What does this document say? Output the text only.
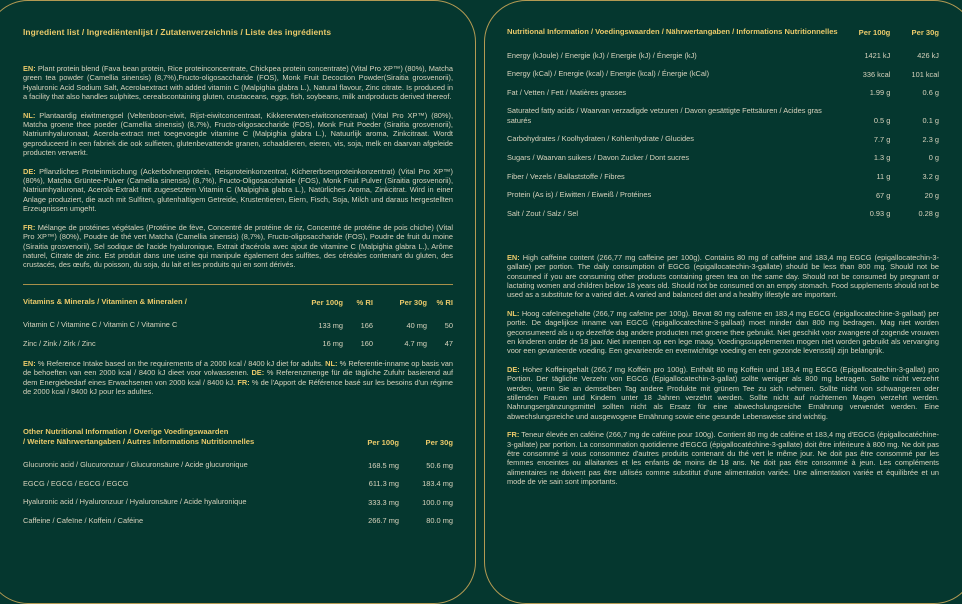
Ingredient list / Ingrediëntenlijst / Zutatenverzeichnis / Liste des ingrédients

EN: Plant protein blend (Fava bean protein, Rice proteinconcentrate, Chickpea protein concentrate) (Vital Pro XP™) (80%), Matcha green tea powder (Camellia sinensis) (8,7%),Fructo-oligosaccharide (FOS), Monk Fruit Decoction Powder(Siraitia grosvenorii), Hyaluronic Acid Sodium Salt, Acerolaextract with added vitamin C (Malpighia glabra L.), Natural flavour, Zinc citrate. Is produced in a facility that also handles sulphites, cerealscontaining gluten, crustaceans, eggs, fish, soybeans, milk andproducts derived thereof.

NL: Plantaardig eiwitmengsel (Veltenboon-eiwit, Rijst-eiwitconcentraat, Kikkererwten-eiwitconcentraat) (Vital Pro XP™) (80%), Matcha groene thee poeder (Camellia sinensis) (8,7%), Fructo-oligosaccharide (FOS), Monk Fruit Poeder (Siraitia grosvenorii), Natriumhyaluronaat, Acerola-extract met toegevoegde vitamine C (Malpighia glabra L.), Natuurlijk aroma, Zinkcitraat. Wordt geproduceerd in een fabriek die ook sulfieten, glutenbevattende granen, schaaldieren, eieren, vis, soja, melk en daarvan afgeleide producten verwerkt.

DE: Pflanzliches Proteinmischung (Ackerbohnenprotein, Reisproteinkonzentrat, Kichererbsenproteinkonzentrat) (Vital Pro XP™) (80%), Matcha Grüntee-Pulver (Camellia sinensis) (8,7%), Fructo-Oligosaccharide (FOS), Monk Fruit Pulver (Siraitia grosvenorii), Natriumhyaluronat, Acerola-Extrakt mit zugesetztem Vitamin C (Malpighia glabra L.), Natürliches Aroma, Zinkcitrat. Wird in einer Anlage produziert, die auch mit Sulfiten, glutenhaltigem Getreide, Krustentieren, Eiern, Fisch, Soja, Milch und daraus hergestellten Erzeugnissen umgeht.

FR: Mélange de protéines végétales (Protéine de fève, Concentré de protéine de riz, Concentré de protéine de pois chiche) (Vital Pro XP™) (80%), Poudre de thé vert Matcha (Camellia sinensis) (8,7%), Fructo-oligosaccharide (FOS), Poudre de fruit du moine (Siraitia grosvenorii), Sel sodique de l'acide hyaluronique, Extrait d'acérola avec ajout de vitamine C (Malpighia glabra L.), Arôme naturel, Citrate de zinc. Est produit dans une usine qui manipule également des sulfites, des céréales contenant du gluten, des crustacés, des œufs, du poisson, du soja, du lait et les produits qui en sont dérivés.

Vitamins & Minerals / Vitaminen & Mineralen /	Per 100g	% RI	Per 30g	% RI
Vitamin C / Vitamine C / Vitamin C / Vitamine C	133 mg	166	40 mg	50
Zinc / Zink / Zirk / Zinc	16 mg	160	4.7 mg	47

EN: % Reference Intake based on the requirements of a 2000 kcal / 8400 kJ diet for adults. NL: % Referentie-inname op basis van de behoeften van een 2000 kcal / 8400 kJ dieet voor volwassenen. DE: % Referenzmenge für die tägliche Zufuhr basierend auf dem Energiebedarf eines Erwachsenen von 2000 kcal / 8400 kJ. FR: % de l'Apport de Référence basé sur les besoins d'un régime de 2000 kcal / 8400 kJ pour les adultes.

Other Nutritional Information / Overige Voedingswaarden
/ Weitere Nährwertangaben / Autres Informations Nutritionnelles	Per 100g	Per 30g
Glucuronic acid / Glucuronzuur / Glucuronsäure / Acide glucuronique	168.5 mg	50.6 mg
EGCG / EGCG / EGCG / EGCG	611.3 mg	183.4 mg
Hyaluronic acid / Hyaluronzuur / Hyaluronsäure / Acide hyaluronique	333.3 mg	100.0 mg
Caffeine / Cafeïne / Koffein / Caféine	266.7 mg	80.0 mg
Nutritional Information / Voedingswaarden / Nährwertangaben / Informations Nutritionnelles	Per 100g	Per 30g
Energy (kJoule) / Energie (kJ) / Energie (kJ) / Énergie (kJ)	1421 kJ	426 kJ
Energy (kCal) / Energie (kcal) / Energie (kcal) / Énergie (kCal)	336 kcal	101 kcal
Fat / Vetten / Fett / Matières grasses	1.99 g	0.6 g
Saturated fatty acids / Waarvan verzadigde vetzuren / Davon gesättigte Fettsäuren / Acides gras saturés	0.5 g	0.1 g
Carbohydrates / Koolhydraten / Kohlenhydrate / Glucides	7.7 g	2.3 g
Sugars / Waarvan suikers / Davon Zucker / Dont sucres	1.3 g	0 g
Fiber / Vezels / Ballaststoffe / Fibres	11 g	3.2 g
Protein (As is) / Eiwitten / Eiweiß / Protéines	67 g	20 g
Salt / Zout / Salz / Sel	0.93 g	0.28 g

EN: High caffeine content (266,77 mg caffeine per 100g). Contains 80 mg of caffeine and 183,4 mg EGCG (epigallocatechin-3-gallate) per portion. The daily consumption of EGCG (epigallocatechin-3-gallate) should be less than 800 mg. Should not be consumed if you are consuming other products containing green tea on the same day. Should not be consumed by pregnant or lactating women and children below 18 years old. Should not be consumed on an empty stomach. Food supplements should not be used as a substitute for a varied diet. A varied and balanced diet and a healthy lifestyle are important.

NL: Hoog cafeïnegehalte (266,7 mg cafeïne per 100g). Bevat 80 mg cafeïne en 183,4 mg EGCG (epigallocatechine-3-gallaat) per portie. De dagelijkse inname van EGCG (epigallocatechine-3-gallaat) moet minder dan 800 mg bedragen. Mag niet worden geconsumeerd als u op dezelfde dag andere producten met groene thee gebruikt. Niet geschikt voor zwangere of zogende vrouwen en kinderen onder de 18 jaar. Niet innemen op een lege maag. Voedingssupplementen mogen niet worden gebruikt als vervanging voor een gevarieerde voeding. Een gevarieerde en evenwichtige voeding en een gezonde levensstijl zijn belangrijk.

DE: Hoher Koffeingehalt (266,7 mg Koffein pro 100g). Enthält 80 mg Koffein und 183,4 mg EGCG (Epigallocatechin-3-gallat) pro Portion. Der tägliche Verzehr von EGCG (Epigallocatechin-3-gallat) sollte weniger als 800 mg betragen. Sollte nicht verzehrt werden, wenn Sie an demselben Tag andere Produkte mit grünem Tee zu sich nehmen. Sollte nicht von schwangeren oder stillenden Frauen und Kindern unter 18 Jahren verzehrt werden. Sollte nicht auf nüchternen Magen verzehrt werden. Nahrungsergänzungsmittel sollten nicht als Ersatz für eine abwechslungsreiche Ernährung verwendet werden. Eine abwechslungsreiche und ausgewogene Ernährung sowie eine gesunde Lebensweise sind wichtig.

FR: Teneur élevée en caféine (266,7 mg de caféine pour 100g). Contient 80 mg de caféine et 183,4 mg d'EGCG (épigallocatéchine-3-gallate) par portion. La consommation quotidienne d'EGCG (épigallocatéchine-3-gallate) doit être inférieure à 800 mg. Ne doit pas être consommé si vous consommez d'autres produits contenant du thé vert le même jour. Ne doit pas être consommé par les femmes enceintes ou allaitantes et les enfants de moins de 18 ans. Ne doit pas être consommé à jeun. Les compléments alimentaires ne doivent pas être utilisés comme substitut d'une alimentation variée. Une alimentation variée et équilibrée et un mode de vie sain sont importants.
